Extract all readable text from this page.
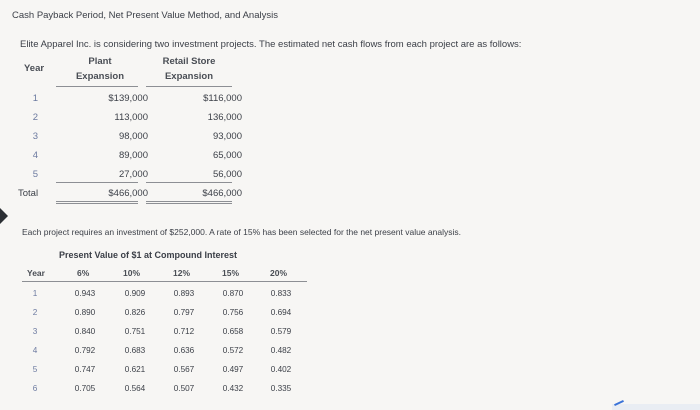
Cash Payback Period, Net Present Value Method, and Analysis
Elite Apparel Inc. is considering two investment projects. The estimated net cash flows from each project are as follows:
Year
Plant
Expansion
Retail Store
Expansion
1	$139,000	$116,000
2	113,000	136,000
3	98,000	93,000
4	89,000	65,000
5	27,000	56,000
Total	$466,000	$466,000
Each project requires an investment of $252,000. A rate of 15% has been selected for the net present value analysis.
Present Value of $1 at Compound Interest
Year	6%	10%	12%	15%	20%
1	0.943	0.909	0.893	0.870	0.833
2	0.890	0.826	0.797	0.756	0.694
3	0.840	0.751	0.712	0.658	0.579
4	0.792	0.683	0.636	0.572	0.482
5	0.747	0.621	0.567	0.497	0.402
6	0.705	0.564	0.507	0.432	0.335
